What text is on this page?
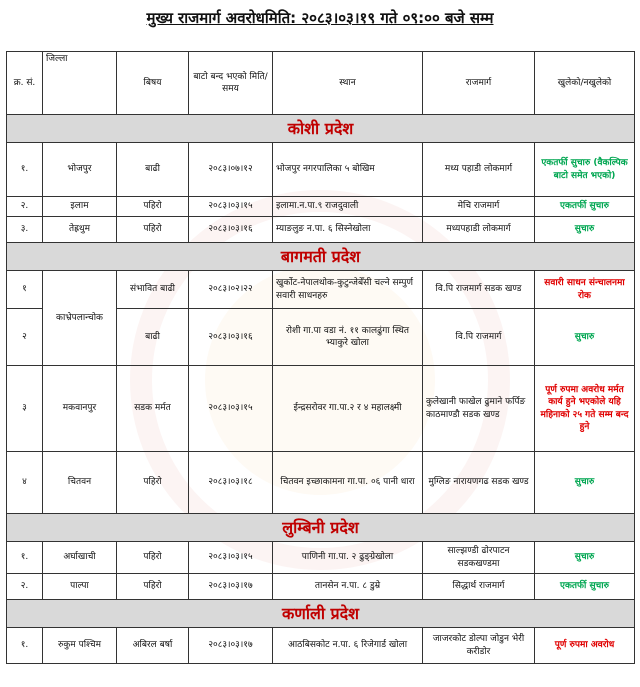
मुख्य राजमार्ग अवरोधमिति: २०८३।०३।१९ गते ०९:०० बजे सम्म
क्र. सं.	जिल्ला	बिषय	बाटो बन्द भएको मिति/समय	स्थान	राजमार्ग	खुलेको/नखुलेको
कोशी प्रदेश						
१.	भोजपुर	बाढी	२०८३।०७।१२	भोजपुर नगरपालिका ५ बोखिम	मध्य पहाडी लोकमार्ग	एकतर्फी सुचारु (वैकल्पिक बाटो समेत भएको)
२.	इलाम	पहिरो	२०८३।०३।१५	इलामा.न.पा.९ राजदुवाली	मेचि राजमार्ग	एकतर्फी सुचारु
३.	तेह्रथुम	पहिरो	२०८३।०३।१६	म्याङलुङ न.पा. ६ सिस्नेखोला	मध्यपहाडी लोकमार्ग	सुचारु
बागमती प्रदेश						
१	काभ्रेपलान्चोक	संभावित बाढी	२०८३।०२।२२	खुर्कोट-नेपालथोक-कुटुन्जेबेँसी चल्ने सम्पुर्ण सवारी साधनहरु	वि.पि राजमार्ग सडक खण्ड	सवारी साधन संन्चालनमा रोक
२		बाढी	२०८३।०३।१६	रोशी गा.पा वडा नं. ११ कालढुंगा स्थित भ्याकुरे खोला	वि.पि राजमार्ग	सुचारु
३	मकवानपुर	सडक मर्मत	२०८३।०३।१५	ईन्द्रसरोवर गा.पा.२ र ४ महालक्ष्मी	कुलेखानी फाखेल ढुमाने फर्पिङ काठमाण्डौ सडक खण्ड	पूर्ण रुपमा अवरोध मर्मत कार्य हुने भएकोले यहि महिनाको २५ गते सम्म बन्द हुने
४	चितवन	पहिरो	२०८३।०३।१८	चितवन इच्छाकामना गा.पा. ०६ पानी धारा	मुग्लिङ नारायणगढ सडक खण्ड	सुचारु
लुम्बिनी प्रदेश						
१.	अर्घाखाची	पहिरो	२०८३।०३।१५	पाणिनी गा.पा. २ ढुङ्ग्रेखोला	साल्झण्डी ढोरपाटन सडकखण्डमा	सुचारु
२.	पाल्पा	पहिरो	२०८३।०३।१७	तानसेन न.पा. ८ डुम्रे	सिद्धार्थ राजमार्ग	एकतर्फी सुचारु
कर्णाली प्रदेश						
१.	रुकुम पश्चिम	अबिरल बर्षा	२०८३।०३।१७	आठबिसकोट न.पा. ६ रिजेगार्ड खोला	जाजरकोट डोल्पा जोडुन भेरी करीडोर	पूर्ण रुपमा अवरोध
